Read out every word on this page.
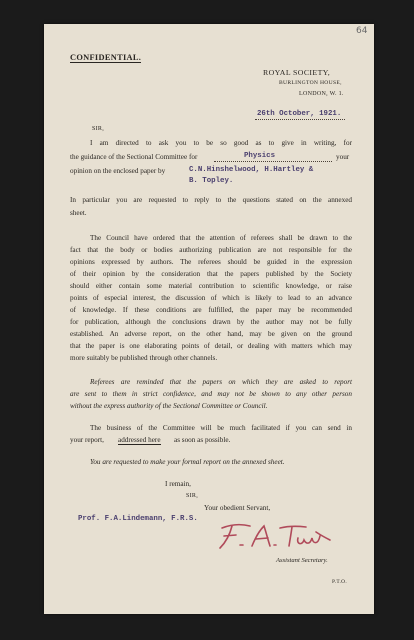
64
CONFIDENTIAL.
ROYAL SOCIETY,
BURLINGTON HOUSE,
LONDON, W. 1.
26th October, 1921.
SIR,
I am directed to ask you to be so good as to give in writing, for
the guidance of the Sectional Committee for	Physics	your
opinion on the enclosed paper by	C.N.Hinshelwood, H.Hartley &
B. Topley.
In particular you are requested to reply to the questions stated on the annexed
sheet.
The Council have ordered that the attention of referees shall be drawn to the
fact that the body or bodies authorizing publication are not responsible for the
opinions expressed by authors. The referees should be guided in the expression
of their opinion by the consideration that the papers published by the Society
should either contain some material contribution to scientific knowledge, or raise
points of especial interest, the discussion of which is likely to lead to an advance
of knowledge. If these conditions are fulfilled, the paper may be recommended
for publication, although the conclusions drawn by the author may not be fully
established. An adverse report, on the other hand, may be given on the ground
that the paper is one elaborating points of detail, or dealing with matters which may
more suitably be published through other channels.
Referees are reminded that the papers on which they are asked to report
are sent to them in strict confidence, and may not be shown to any other person
without the express authority of the Sectional Committee or Council.
The business of the Committee will be much facilitated if you can send in
your report, addressed here as soon as possible.
You are requested to make your formal report on the annexed sheet.
I remain,
SIR,
Your obedient Servant,
Prof. F.A.Lindemann, F.R.S.
Assistant Secretary.
P.T.O.
